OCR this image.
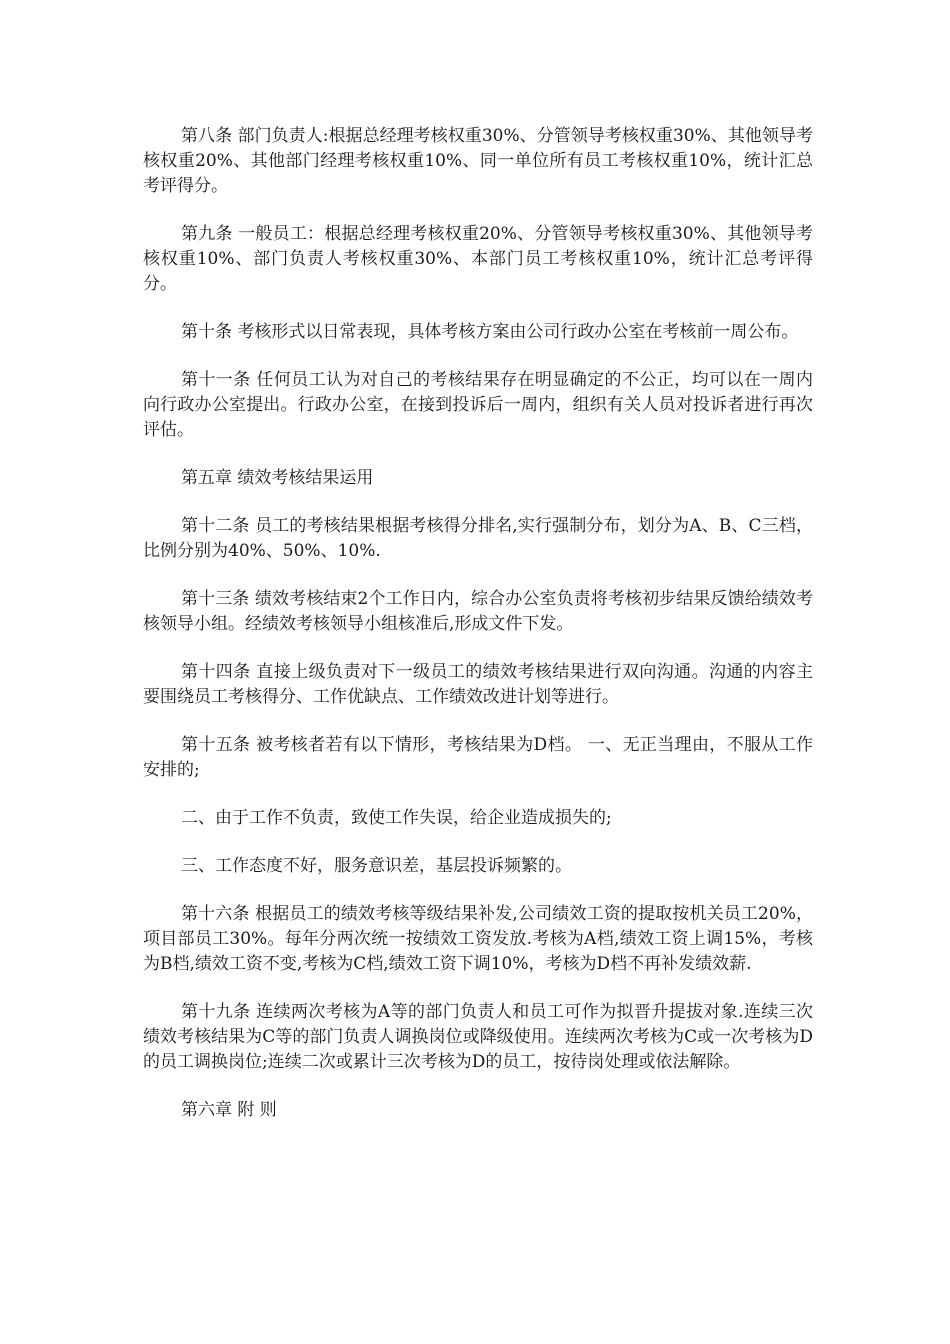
第八条 部门负责人:根据总经理考核权重30%、分管领导考核权重30%、其他领导考核权重20%、其他部门经理考核权重10%、同一单位所有员工考核权重10%，统计汇总考评得分。

第九条 一般员工：根据总经理考核权重20%、分管领导考核权重30%、其他领导考核权重10%、部门负责人考核权重30%、本部门员工考核权重10%，统计汇总考评得分。

第十条 考核形式以日常表现，具体考核方案由公司行政办公室在考核前一周公布。

第十一条 任何员工认为对自己的考核结果存在明显确定的不公正，均可以在一周内向行政办公室提出。行政办公室，在接到投诉后一周内，组织有关人员对投诉者进行再次评估。

第五章 绩效考核结果运用

第十二条 员工的考核结果根据考核得分排名,实行强制分布，划分为A、B、C三档，比例分别为40%、50%、10%.

第十三条 绩效考核结束2个工作日内，综合办公室负责将考核初步结果反馈给绩效考核领导小组。经绩效考核领导小组核准后,形成文件下发。

第十四条 直接上级负责对下一级员工的绩效考核结果进行双向沟通。沟通的内容主要围绕员工考核得分、工作优缺点、工作绩效改进计划等进行。

第十五条 被考核者若有以下情形，考核结果为D档。 一、无正当理由，不服从工作安排的;

二、由于工作不负责，致使工作失误，给企业造成损失的;

三、工作态度不好，服务意识差，基层投诉频繁的。

第十六条 根据员工的绩效考核等级结果补发,公司绩效工资的提取按机关员工20%，项目部员工30%。每年分两次统一按绩效工资发放.考核为A档,绩效工资上调15%，考核为B档,绩效工资不变,考核为C档,绩效工资下调10%，考核为D档不再补发绩效薪.

第十九条 连续两次考核为A等的部门负责人和员工可作为拟晋升提拔对象.连续三次绩效考核结果为C等的部门负责人调换岗位或降级使用。连续两次考核为C或一次考核为D的员工调换岗位;连续二次或累计三次考核为D的员工，按待岗处理或依法解除。

第六章 附 则
